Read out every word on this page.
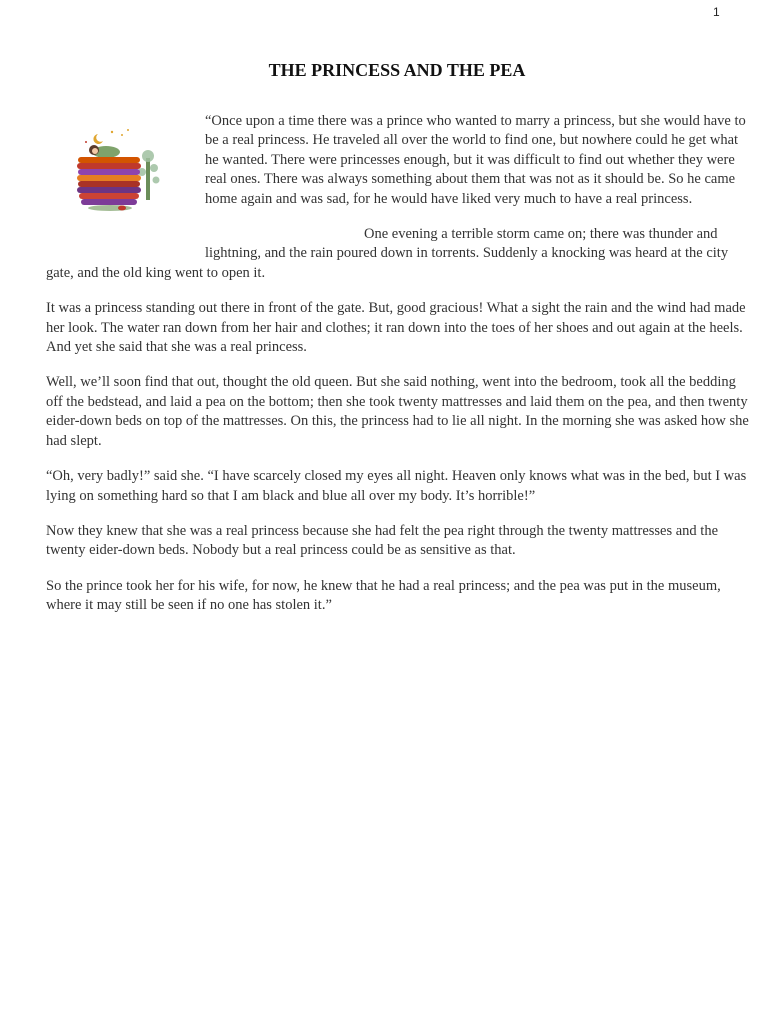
1
THE PRINCESS AND THE PEA

“Once upon a time there was a prince who wanted to marry a princess, but she would have to be a real princess. He traveled all over the world to find one, but nowhere could he get what he wanted. There were princesses enough, but it was difficult to find out whether they were real ones. There was always something about them that was not as it should be. So he came home again and was sad, for he would have liked very much to have a real princess.

One evening a terrible storm came on; there was thunder and lightning, and the rain poured down in torrents. Suddenly a knocking was heard at the city gate, and the old king went to open it.

It was a princess standing out there in front of the gate. But, good gracious! What a sight the rain and the wind had made her look. The water ran down from her hair and clothes; it ran down into the toes of her shoes and out again at the heels. And yet she said that she was a real princess.

Well, we’ll soon find that out, thought the old queen. But she said nothing, went into the bedroom, took all the bedding off the bedstead, and laid a pea on the bottom; then she took twenty mattresses and laid them on the pea, and then twenty eider-down beds on top of the mattresses. On this, the princess had to lie all night. In the morning she was asked how she had slept.

“Oh, very badly!” said she. “I have scarcely closed my eyes all night. Heaven only knows what was in the bed, but I was lying on something hard so that I am black and blue all over my body. It’s horrible!”

Now they knew that she was a real princess because she had felt the pea right through the twenty mattresses and the twenty eider-down beds. Nobody but a real princess could be as sensitive as that.

So the prince took her for his wife, for now, he knew that he had a real princess; and the pea was put in the museum, where it may still be seen if no one has stolen it.”
